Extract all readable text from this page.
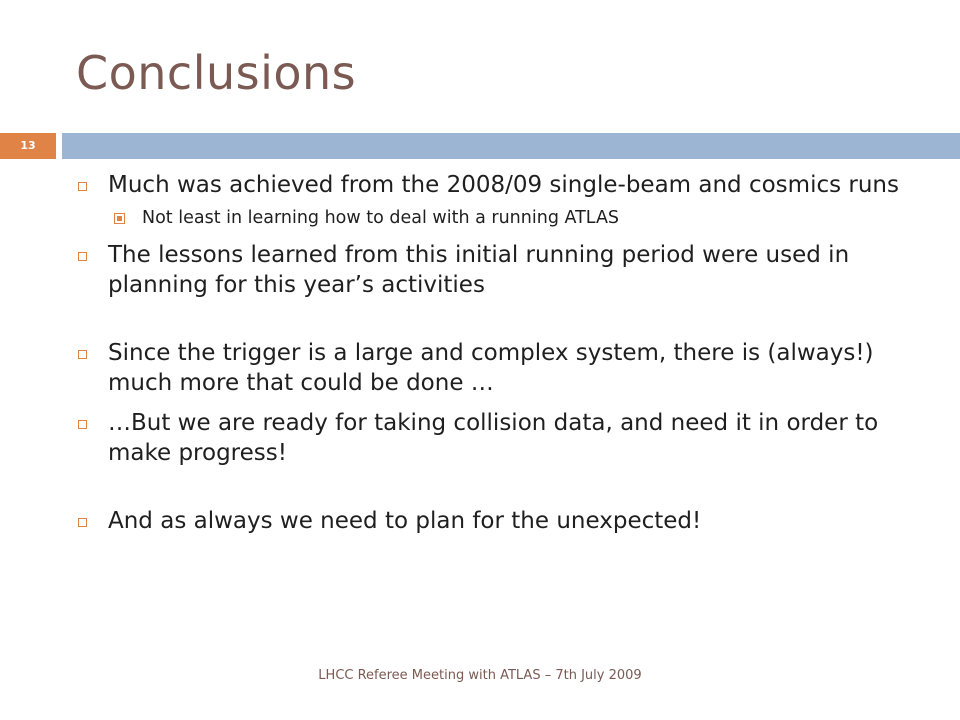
Conclusions
13
Much was achieved from the 2008/09 single-beam and cosmics runs
Not least in learning how to deal with a running ATLAS
The lessons learned from this initial running period were used in planning for this year’s activities
Since the trigger is a large and complex system, there is (always!) much more that could be done …
…But we are ready for taking collision data, and need it in order to make progress!
And as always we need to plan for the unexpected!
LHCC Referee Meeting with ATLAS – 7th July 2009
